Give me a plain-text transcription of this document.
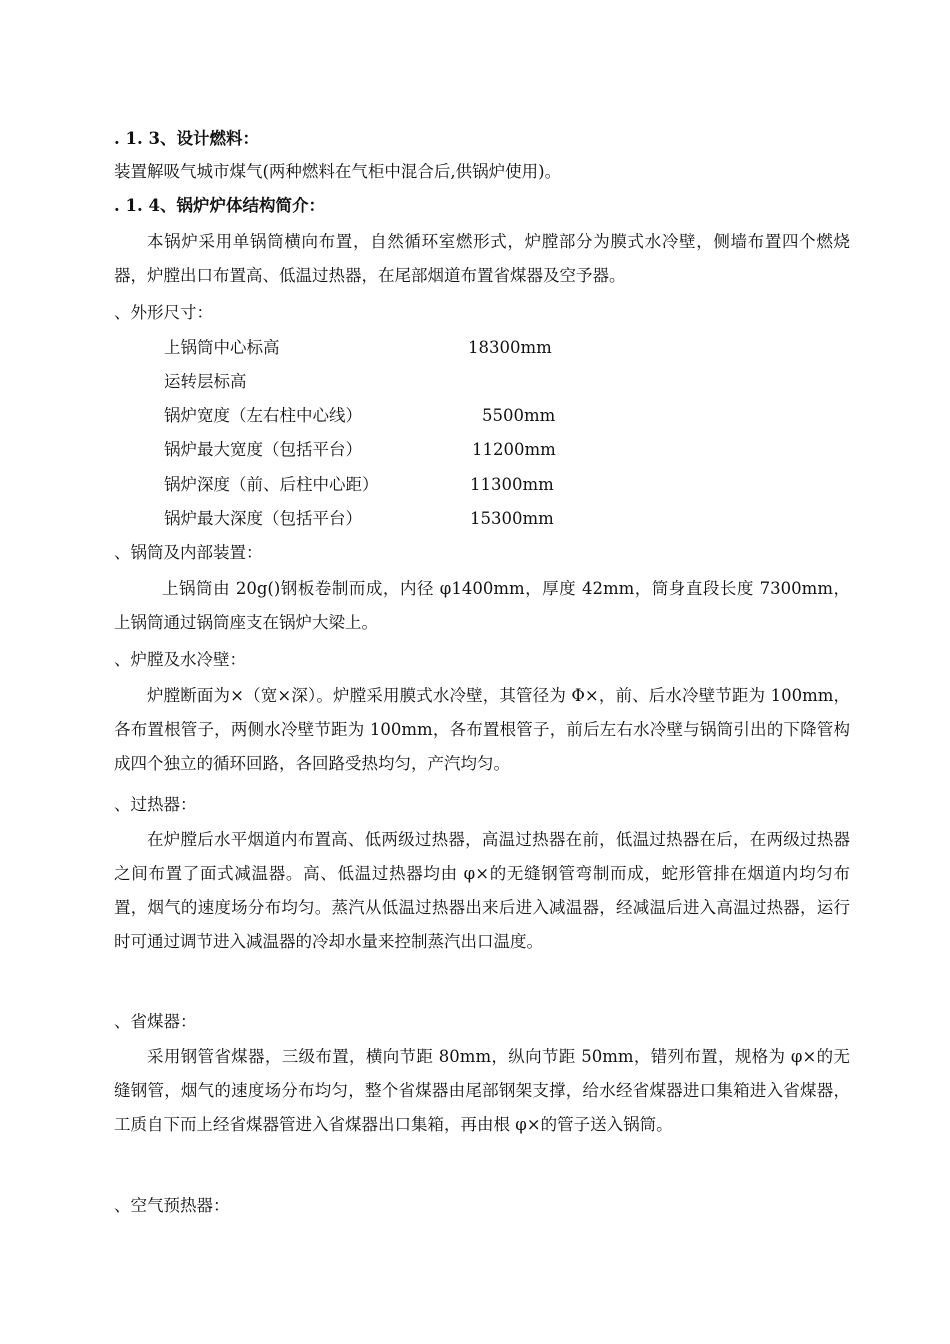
. 1. 3、设计燃料：
装置解吸气城市煤气(两种燃料在气柜中混合后,供锅炉使用)。
. 1. 4、锅炉炉体结构简介：
本锅炉采用单锅筒横向布置，自然循环室燃形式，炉膛部分为膜式水冷壁，侧墙布置四个燃烧器，炉膛出口布置高、低温过热器，在尾部烟道布置省煤器及空予器。
、外形尺寸：
上锅筒中心标高	18300mm
运转层标高
锅炉宽度（左右柱中心线）	5500mm
锅炉最大宽度（包括平台）	11200mm
锅炉深度（前、后柱中心距）	11300mm
锅炉最大深度（包括平台）	15300mm
、锅筒及内部装置：
上锅筒由 20g()钢板卷制而成，内径 φ1400mm，厚度 42mm，筒身直段长度 7300mm，上锅筒通过锅筒座支在锅炉大梁上。
、炉膛及水冷壁：
炉膛断面为×（宽×深）。炉膛采用膜式水冷壁，其管径为 Φ×，前、后水冷壁节距为 100mm，各布置根管子，两侧水冷壁节距为 100mm，各布置根管子，前后左右水冷壁与锅筒引出的下降管构成四个独立的循环回路，各回路受热均匀，产汽均匀。
、过热器：
在炉膛后水平烟道内布置高、低两级过热器，高温过热器在前，低温过热器在后，在两级过热器之间布置了面式减温器。高、低温过热器均由 φ×的无缝钢管弯制而成，蛇形管排在烟道内均匀布置，烟气的速度场分布均匀。蒸汽从低温过热器出来后进入减温器，经减温后进入高温过热器，运行时可通过调节进入减温器的冷却水量来控制蒸汽出口温度。
、省煤器：
采用钢管省煤器，三级布置，横向节距 80mm，纵向节距 50mm，错列布置，规格为 φ×的无缝钢管，烟气的速度场分布均匀，整个省煤器由尾部钢架支撑，给水经省煤器进口集箱进入省煤器，工质自下而上经省煤器管进入省煤器出口集箱，再由根 φ×的管子送入锅筒。
、空气预热器：
